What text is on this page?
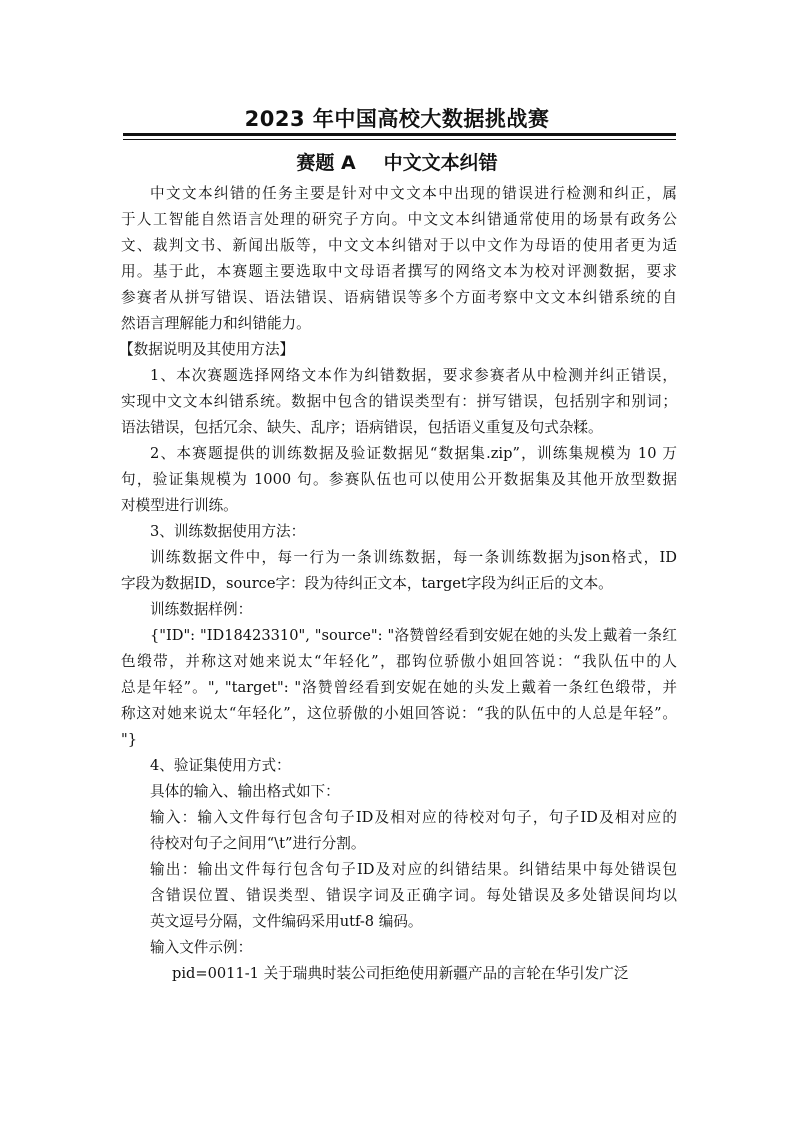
2023 年中国高校大数据挑战赛
赛题 A 中文文本纠错
中文文本纠错的任务主要是针对中文文本中出现的错误进行检测和纠正，属
于人工智能自然语言处理的研究子方向。中文文本纠错通常使用的场景有政务公
文、裁判文书、新闻出版等，中文文本纠错对于以中文作为母语的使用者更为适
用。基于此，本赛题主要选取中文母语者撰写的网络文本为校对评测数据，要求
参赛者从拼写错误、语法错误、语病错误等多个方面考察中文文本纠错系统的自
然语言理解能力和纠错能力。
【数据说明及其使用方法】
1、本次赛题选择网络文本作为纠错数据，要求参赛者从中检测并纠正错误，
实现中文文本纠错系统。数据中包含的错误类型有：拼写错误，包括别字和别词；
语法错误，包括冗余、缺失、乱序；语病错误，包括语义重复及句式杂糅。
2、本赛题提供的训练数据及验证数据见“数据集.zip”，训练集规模为 10 万
句，验证集规模为 1000 句。参赛队伍也可以使用公开数据集及其他开放型数据
对模型进行训练。
3、训练数据使用方法：
训练数据文件中，每一行为一条训练数据，每一条训练数据为json格式，ID
字段为数据ID，source字：段为待纠正文本，target字段为纠正后的文本。
训练数据样例：
{"ID": "ID18423310", "source": "洛赞曾经看到安妮在她的头发上戴着一条红
色缎带，并称这对她来说太“年轻化”，郡钩位骄傲小姐回答说：“我队伍中的人
总是年轻”。", "target": "洛赞曾经看到安妮在她的头发上戴着一条红色缎带，并
称这对她来说太“年轻化”，这位骄傲的小姐回答说：“我的队伍中的人总是年轻”。
"}
4、验证集使用方式：
具体的输入、输出格式如下：
输入：输入文件每行包含句子ID及相对应的待校对句子，句子ID及相对应的
待校对句子之间用“\t”进行分割。
输出：输出文件每行包含句子ID及对应的纠错结果。纠错结果中每处错误包
含错误位置、错误类型、错误字词及正确字词。每处错误及多处错误间均以
英文逗号分隔，文件编码采用utf-8 编码。
输入文件示例：
pid=0011-1 关于瑞典时装公司拒绝使用新疆产品的言轮在华引发广泛
